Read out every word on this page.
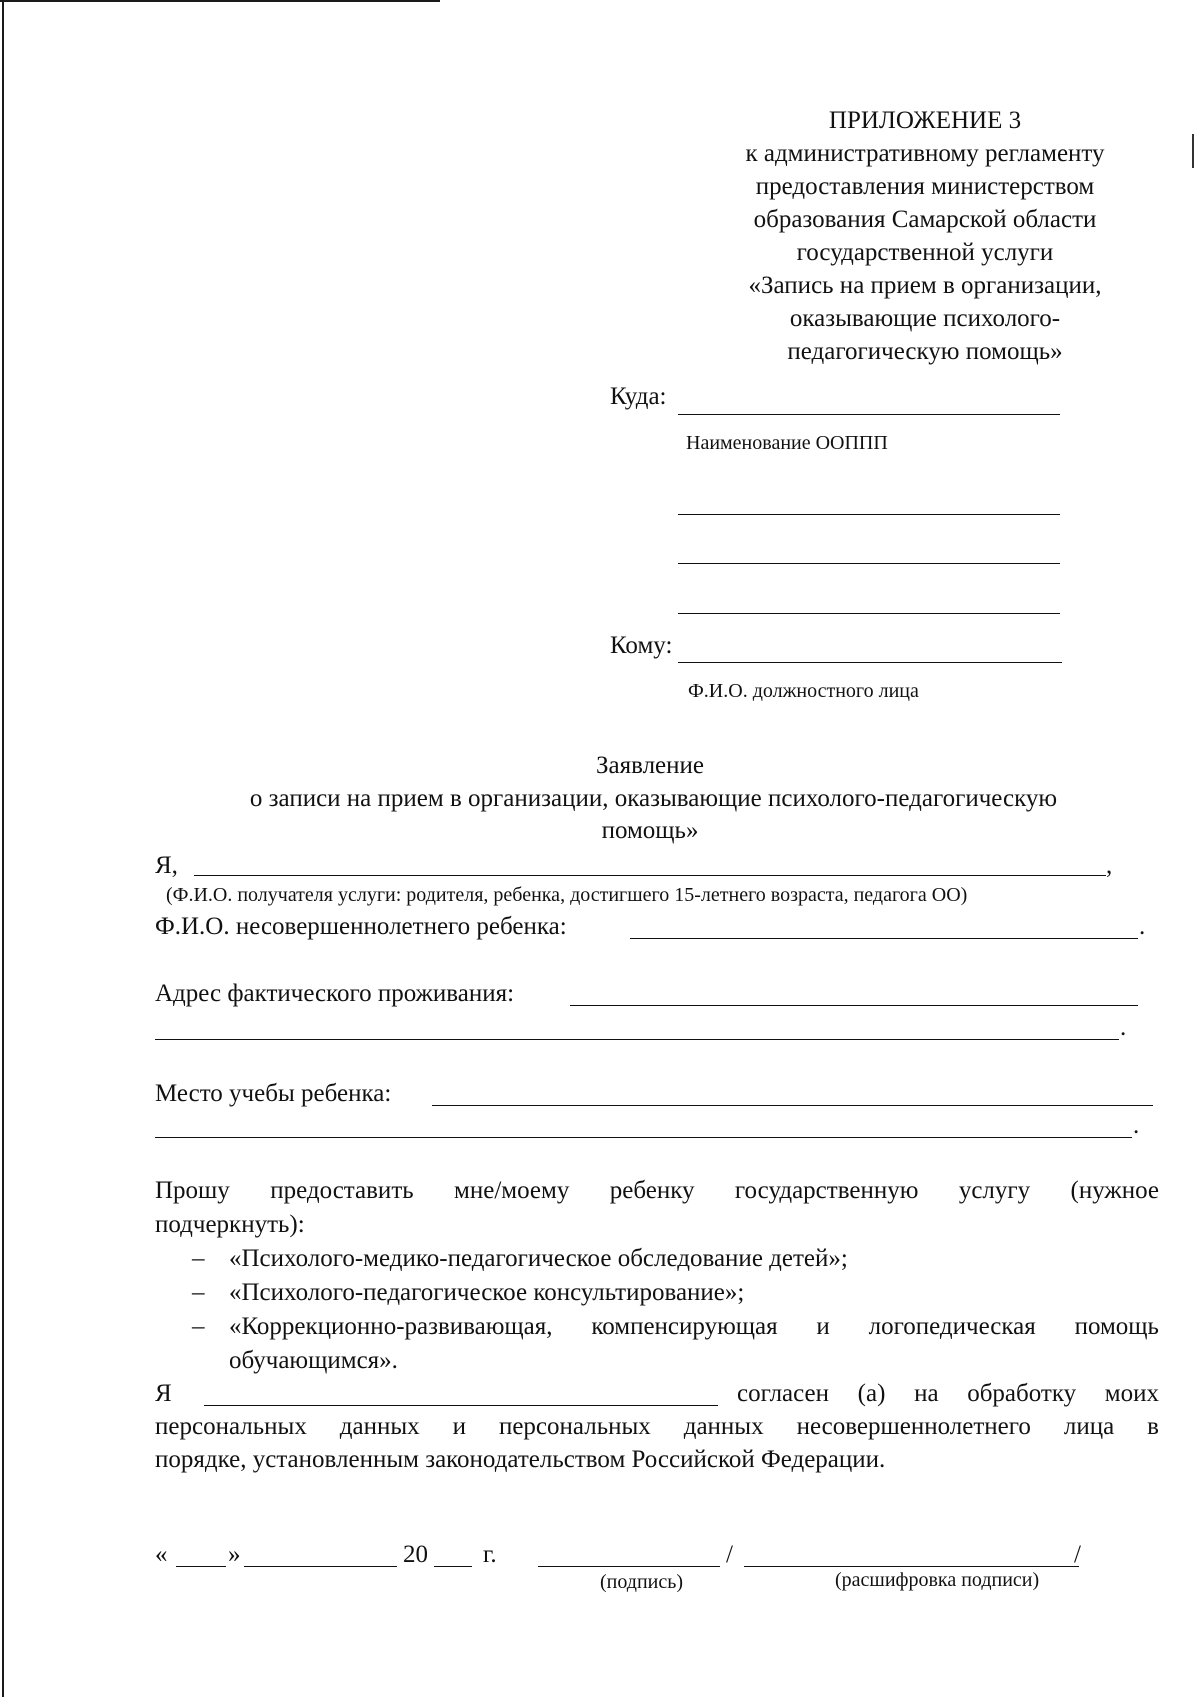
ПРИЛОЖЕНИЕ 3
к административному регламенту
предоставления министерством
образования Самарской области
государственной услуги
«Запись на прием в организации,
оказывающие психолого-
педагогическую помощь»
Куда:
Наименование ООППП
Кому:
Ф.И.О. должностного лица
Заявление
о записи на прием в организации, оказывающие психолого-педагогическую
помощь»
Я,	,
(Ф.И.О. получателя услуги: родителя, ребенка, достигшего 15-летнего возраста, педагога ОО)
Ф.И.О. несовершеннолетнего ребенка:	.
Адрес фактического проживания:
.
Место учебы ребенка:
.
Прошу предоставить мне/моему ребенку государственную услугу (нужное
подчеркнуть):
– «Психолого-медико-педагогическое обследование детей»;
– «Психолого-педагогическое консультирование»;
– «Коррекционно-развивающая, компенсирующая и логопедическая помощь
обучающимся».
Я	согласен (а) на обработку моих
персональных данных и персональных данных несовершеннолетнего лица в
порядке, установленным законодательством Российской Федерации.
« »	20 г.	/	/
(подпись)	(расшифровка подписи)
